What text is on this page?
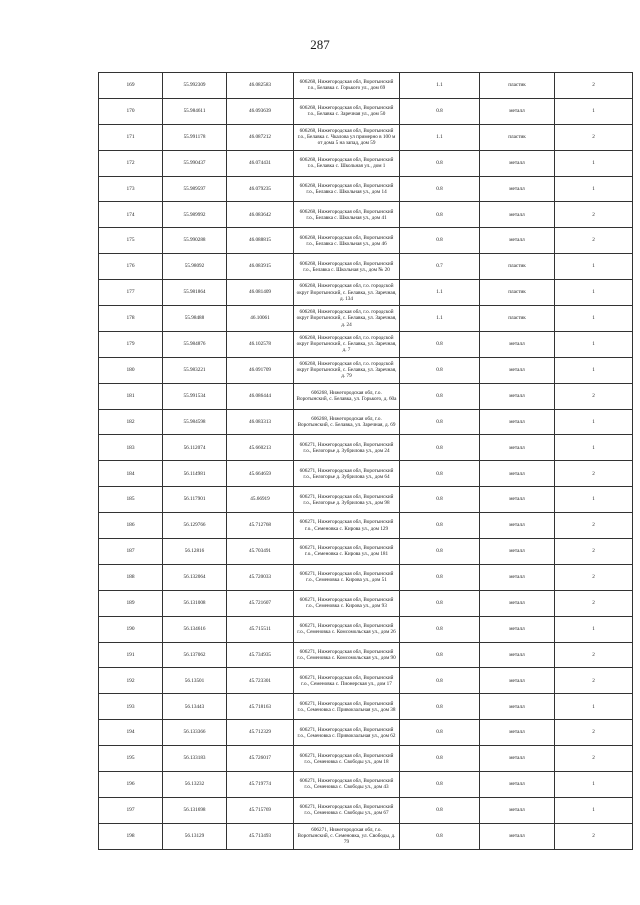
287
169	55.992309	46.082583	606268, Нижегородская обл, Воротынский г.о., Белавка с. Горького ул., дом 69	1.1	пластик	2
170	55.984611	46.093639	606268, Нижегородская обл, Воротынский г.о., Белавка с. Заречная ул., дом 50	0.8	металл	1
171	55.991178	46.087212	606268, Нижегородская обл, Воротынский г.о., Белавка с. Чкалова ул примерно в 100 м от дома 5 на запад, дом 59	1.1	пластик	2
172	55.990437	46.074431	606268, Нижегородская обл, Воротынский г.о., Белавка с. Школьная ул., дом 1	0.8	металл	1
173	55.989597	46.079235	606268, Нижегородская обл, Воротынский г.о., Белавка с. Школьная ул., дом 14	0.8	металл	1
174	55.989992	46.083642	606268, Нижегородская обл, Воротынский г.о., Белавка с. Школьная ул., дом 41	0.8	металл	2
175	55.990288	46.088815	606268, Нижегородская обл, Воротынский г.о., Белавка с. Школьная ул., дом 46	0.8	металл	2
176	55.98092	46.083915	606268, Нижегородская обл, Воротынский г.о., Белавка с. Школьная ул., дом № 20	0.7	пластик	1
177	55.981864	46.081409	606268, Нижегородская обл, г.о. городской округ Воротынский, с. Белавка, ул. Заречная, д. 134	1.1	пластик	1
178	55.98488	46.10061	606268, Нижегородская обл, г.о. городской округ Воротынский, с. Белавка, ул. Заречная, д. 24	1.1	пластик	1
179	55.984876	46.102578	606268, Нижегородская обл, г.о. городской округ Воротынский, с. Белавка, ул. Заречная, д. 7	0.8	металл	1
180	55.983221	46.091709	606268, Нижегородская обл, г.о. городской округ Воротынский, с. Белавка, ул. Заречная, д. 79	0.8	металл	1
181	55.991534	46.086444	606268, Нижегородская обл, г.о. Воротынский, с. Белавка, ул. Горького, д. 60а	0.8	металл	2
182	55.984598	46.083313	606268, Нижегородская обл, г.о. Воротынский, с. Белавка, ул. Заречная, д. 69	0.8	металл	1
183	56.112074	45.660213	606271, Нижегородская обл, Воротынский г.о., Белогорье д. Зубрилова ул., дом 24	0.8	металл	1
184	56.114981	45.664659	606271, Нижегородская обл, Воротынский г.о., Белогорье д. Зубрилова ул., дом 64	0.8	металл	2
185	56.117901	45.66919	606271, Нижегородская обл, Воротынский г.о., Белогорье д. Зубрилова ул., дом 98	0.8	металл	1
186	56.129766	45.712768	606271, Нижегородская обл, Воротынский г.о., Семеновка с. Кирова ул., дом 129	0.8	металл	2
187	56.12816	45.703491	606271, Нижегородская обл, Воротынский г.о., Семеновка с. Кирова ул., дом 181	0.8	металл	2
188	56.132064	45.720033	606271, Нижегородская обл, Воротынский г.о., Семеновка с. Кирова ул., дом 51	0.8	металл	2
189	56.131008	45.721607	606271, Нижегородская обл, Воротынский г.о., Семеновка с. Кирова ул., дом 93	0.8	металл	2
190	56.134616	45.715511	606271, Нижегородская обл, Воротынский г.о., Семеновка с. Комсомольская ул., дом 26	0.8	металл	1
191	56.137062	45.734935	606271, Нижегородская обл, Воротынский г.о., Семеновка с. Комсомольская ул., дом 90	0.8	металл	2
192	56.13501	45.723301	606271, Нижегородская обл, Воротынский г.о., Семеновка с. Пионерская ул., дом 17	0.8	металл	2
193	56.13443	45.718163	606271, Нижегородская обл, Воротынский г.о., Семеновка с. Привокзальная ул., дом 38	0.8	металл	1
194	56.133366	45.712329	606271, Нижегородская обл, Воротынский г.о., Семеновка с. Привокзальная ул., дом 62	0.8	металл	2
195	56.133183	45.726017	606271, Нижегородская обл, Воротынский г.о., Семеновка с. Свободы ул., дом 18	0.8	металл	2
196	56.13232	45.719774	606271, Нижегородская обл, Воротынский г.о., Семеновка с. Свободы ул., дом 43	0.8	металл	1
197	56.131698	45.715769	606271, Нижегородская обл, Воротынский г.о., Семеновка с. Свободы ул., дом 67	0.8	металл	1
198	56.13129	45.713493	606271, Нижегородская обл, г.о. Воротынский, с. Семеновка, ул. Свободы, д. 79	0.8	металл	2
